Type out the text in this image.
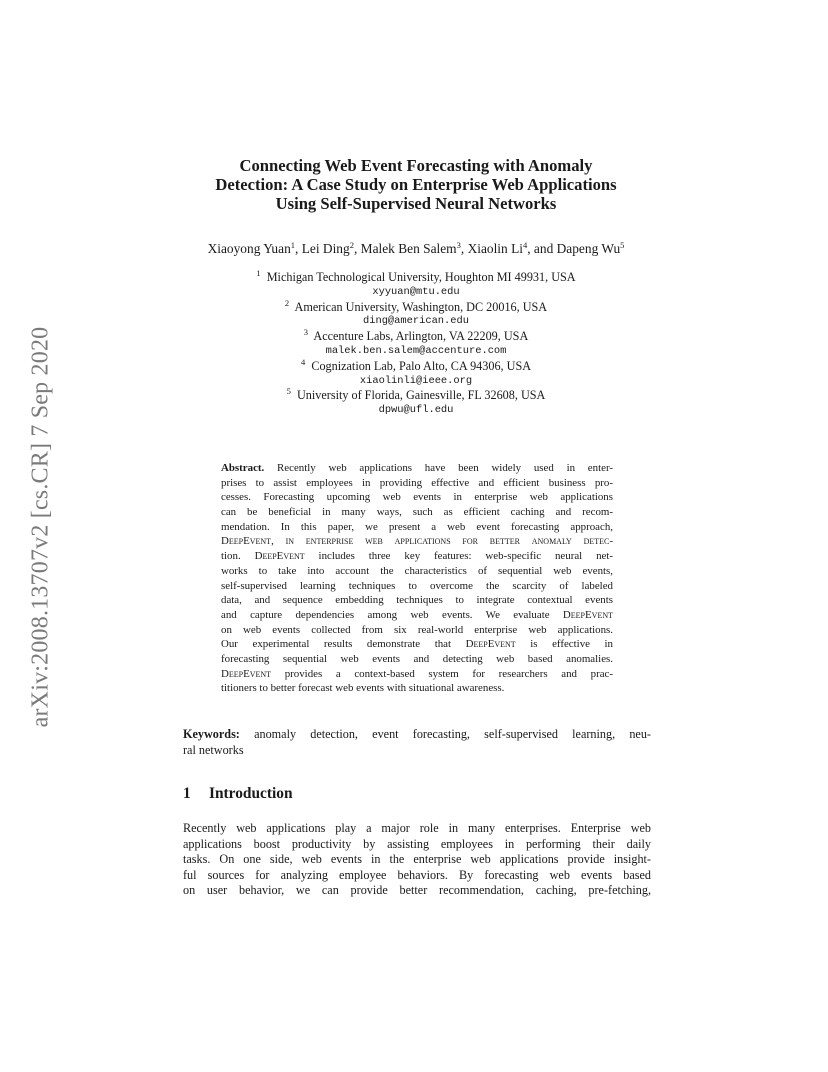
arXiv:2008.13707v2 [cs.CR] 7 Sep 2020
Connecting Web Event Forecasting with Anomaly
Detection: A Case Study on Enterprise Web Applications
Using Self-Supervised Neural Networks
Xiaoyong Yuan$^1$, Lei Ding$^2$, Malek Ben Salem$^3$, Xiaolin Li$^4$, and Dapeng Wu$^5$
$^1$ Michigan Technological University, Houghton MI 49931, USA
xyyuan@mtu.edu
$^2$ American University, Washington, DC 20016, USA
ding@american.edu
$^3$ Accenture Labs, Arlington, VA 22209, USA
malek.ben.salem@accenture.com
$^4$ Cognization Lab, Palo Alto, CA 94306, USA
xiaolinli@ieee.org
$^5$ University of Florida, Gainesville, FL 32608, USA
dpwu@ufl.edu
Abstract. Recently web applications have been widely used in enter-
prises to assist employees in providing effective and efficient business pro-
cesses. Forecasting upcoming web events in enterprise web applications
can be beneficial in many ways, such as efficient caching and recom-
mendation. In this paper, we present a web event forecasting approach,
DeepEvent, in enterprise web applications for better anomaly detec-
tion. DeepEvent includes three key features: web-specific neural net-
works to take into account the characteristics of sequential web events,
self-supervised learning techniques to overcome the scarcity of labeled
data, and sequence embedding techniques to integrate contextual events
and capture dependencies among web events. We evaluate DeepEvent
on web events collected from six real-world enterprise web applications.
Our experimental results demonstrate that DeepEvent is effective in
forecasting sequential web events and detecting web based anomalies.
DeepEvent provides a context-based system for researchers and prac-
titioners to better forecast web events with situational awareness.
Keywords: anomaly detection, event forecasting, self-supervised learning, neu-
ral networks
1 Introduction
Recently web applications play a major role in many enterprises. Enterprise web
applications boost productivity by assisting employees in performing their daily
tasks. On one side, web events in the enterprise web applications provide insight-
ful sources for analyzing employee behaviors. By forecasting web events based
on user behavior, we can provide better recommendation, caching, pre-fetching,
